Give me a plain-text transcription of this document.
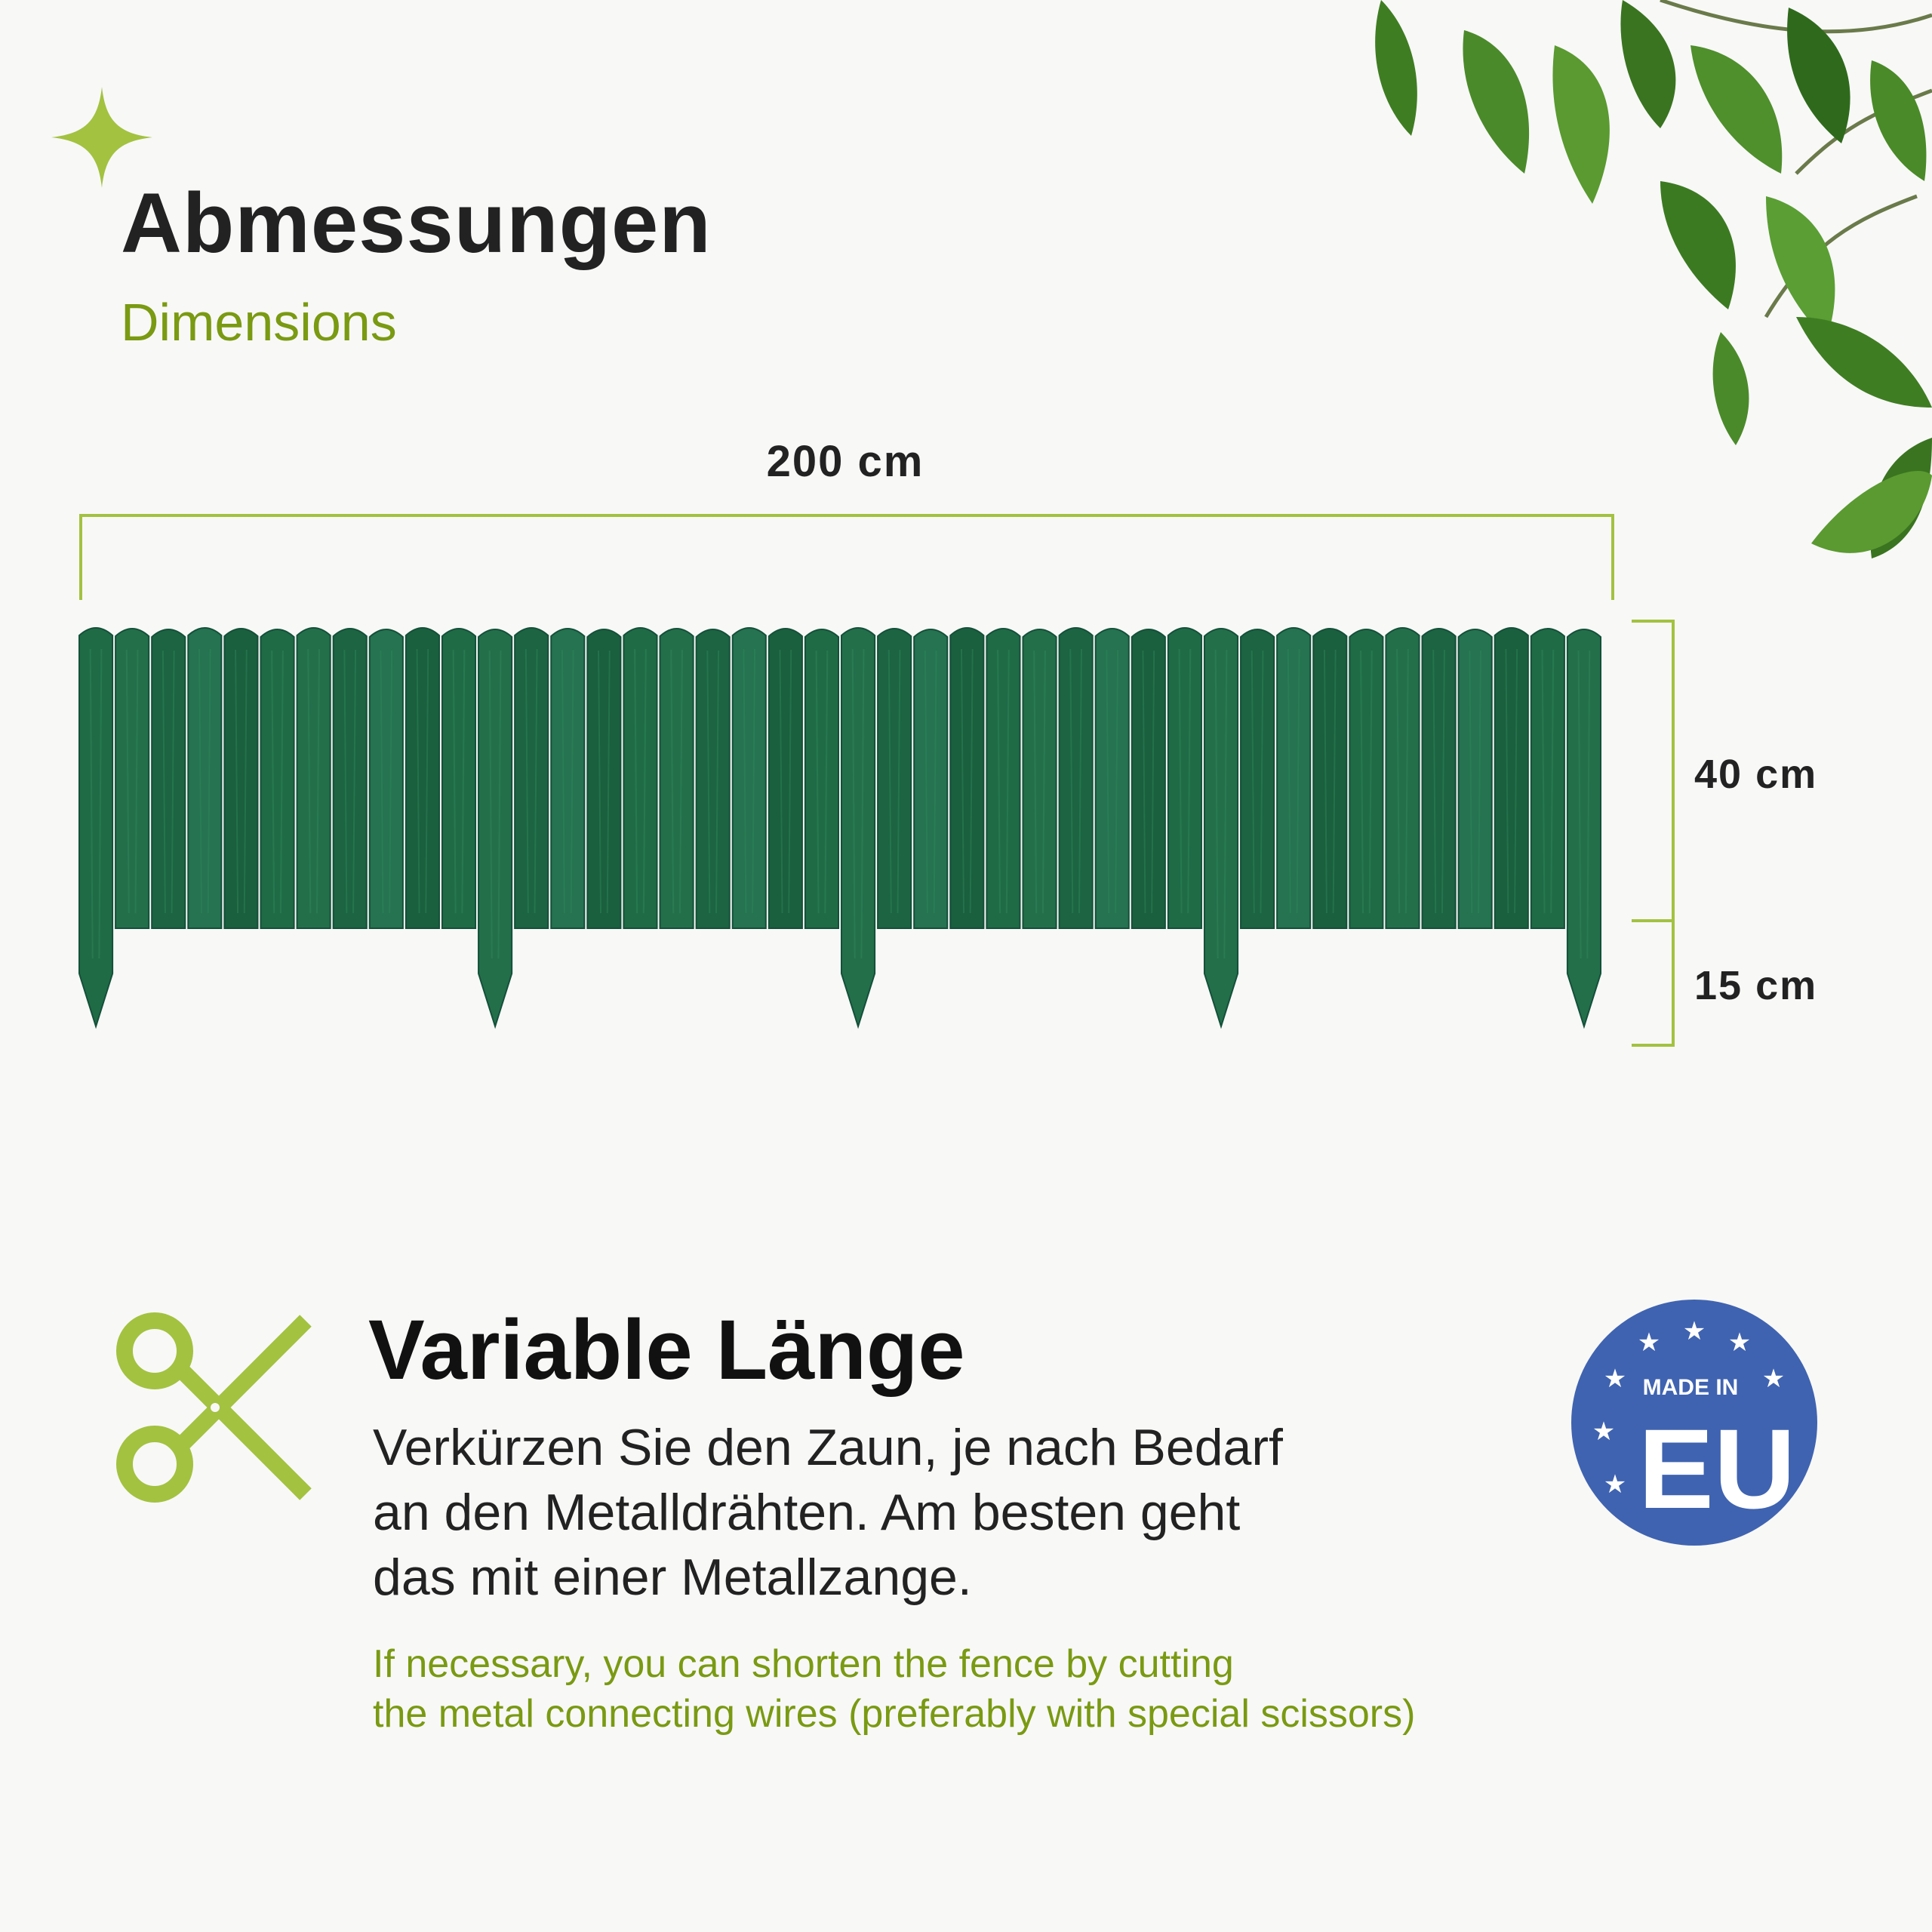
Abmessungen
Dimensions
200 cm
40 cm
15 cm
Variable Länge
Verkürzen Sie den Zaun, je nach Bedarf
an den Metalldrähten. Am besten geht
das mit einer Metallzange.
If necessary, you can shorten the fence by cutting
the metal connecting wires (preferably with special scissors)
★ ★ ★
★	★
★
★
MADE IN
EU
